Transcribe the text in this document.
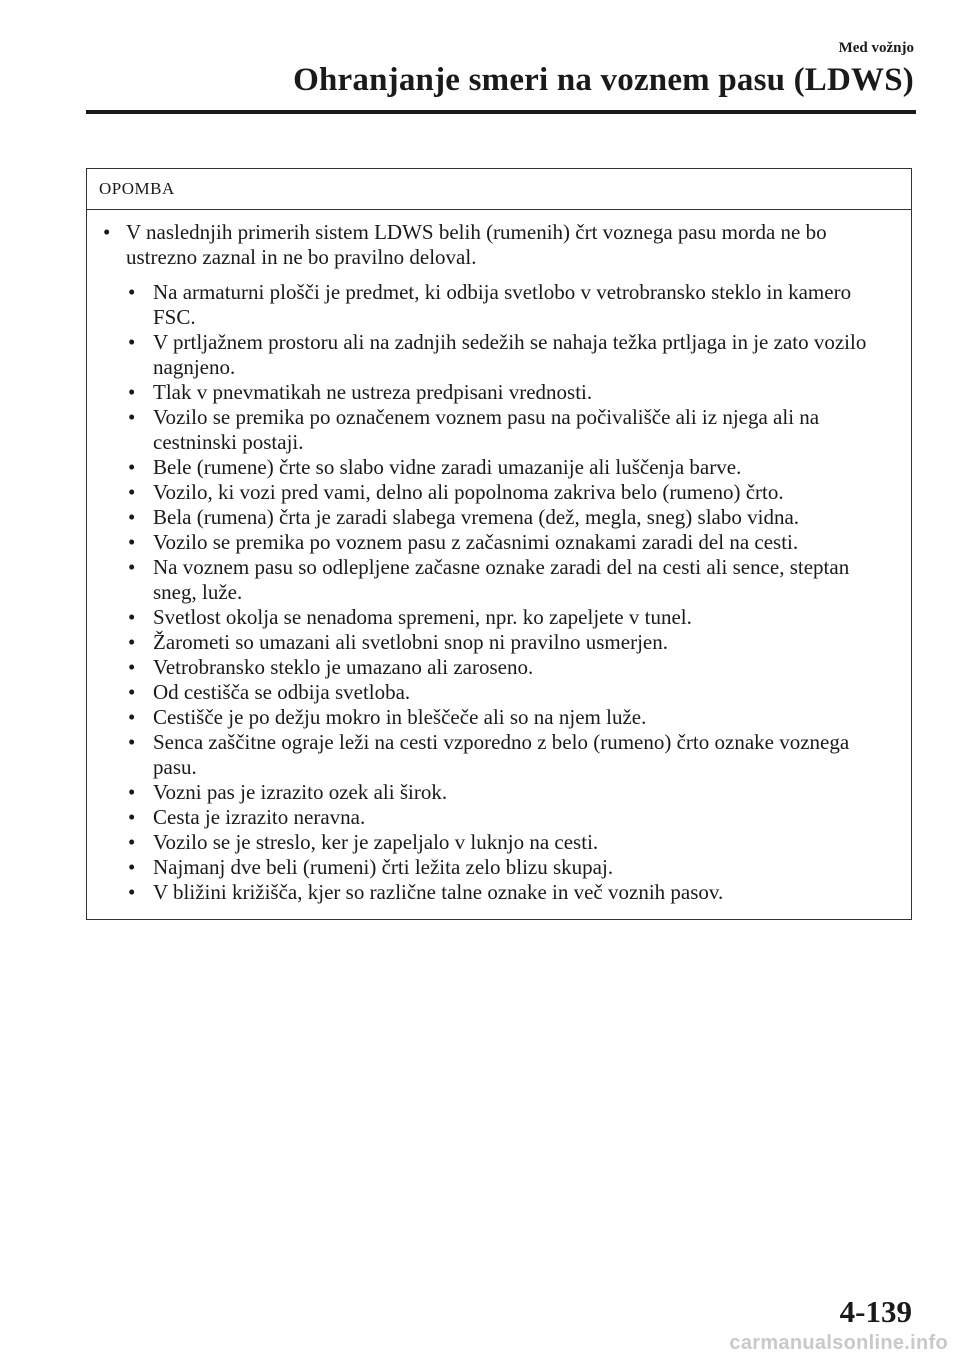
Med vožnjo
Ohranjanje smeri na voznem pasu (LDWS)
OPOMBA
• V naslednjih primerih sistem LDWS belih (rumenih) črt voznega pasu morda ne bo ustrezno zaznal in ne bo pravilno deloval.
• Na armaturni plošči je predmet, ki odbija svetlobo v vetrobransko steklo in kamero FSC.
• V prtljažnem prostoru ali na zadnjih sedežih se nahaja težka prtljaga in je zato vozilo nagnjeno.
• Tlak v pnevmatikah ne ustreza predpisani vrednosti.
• Vozilo se premika po označenem voznem pasu na počivališče ali iz njega ali na cestninski postaji.
• Bele (rumene) črte so slabo vidne zaradi umazanije ali luščenja barve.
• Vozilo, ki vozi pred vami, delno ali popolnoma zakriva belo (rumeno) črto.
• Bela (rumena) črta je zaradi slabega vremena (dež, megla, sneg) slabo vidna.
• Vozilo se premika po voznem pasu z začasnimi oznakami zaradi del na cesti.
• Na voznem pasu so odlepljene začasne oznake zaradi del na cesti ali sence, steptan sneg, luže.
• Svetlost okolja se nenadoma spremeni, npr. ko zapeljete v tunel.
• Žarometi so umazani ali svetlobni snop ni pravilno usmerjen.
• Vetrobransko steklo je umazano ali zaroseno.
• Od cestišča se odbija svetloba.
• Cestišče je po dežju mokro in bleščeče ali so na njem luže.
• Senca zaščitne ograje leži na cesti vzporedno z belo (rumeno) črto oznake voznega pasu.
• Vozni pas je izrazito ozek ali širok.
• Cesta je izrazito neravna.
• Vozilo se je streslo, ker je zapeljalo v luknjo na cesti.
• Najmanj dve beli (rumeni) črti ležita zelo blizu skupaj.
• V bližini križišča, kjer so različne talne oznake in več voznih pasov.
4-139
carmanualsonline.info
